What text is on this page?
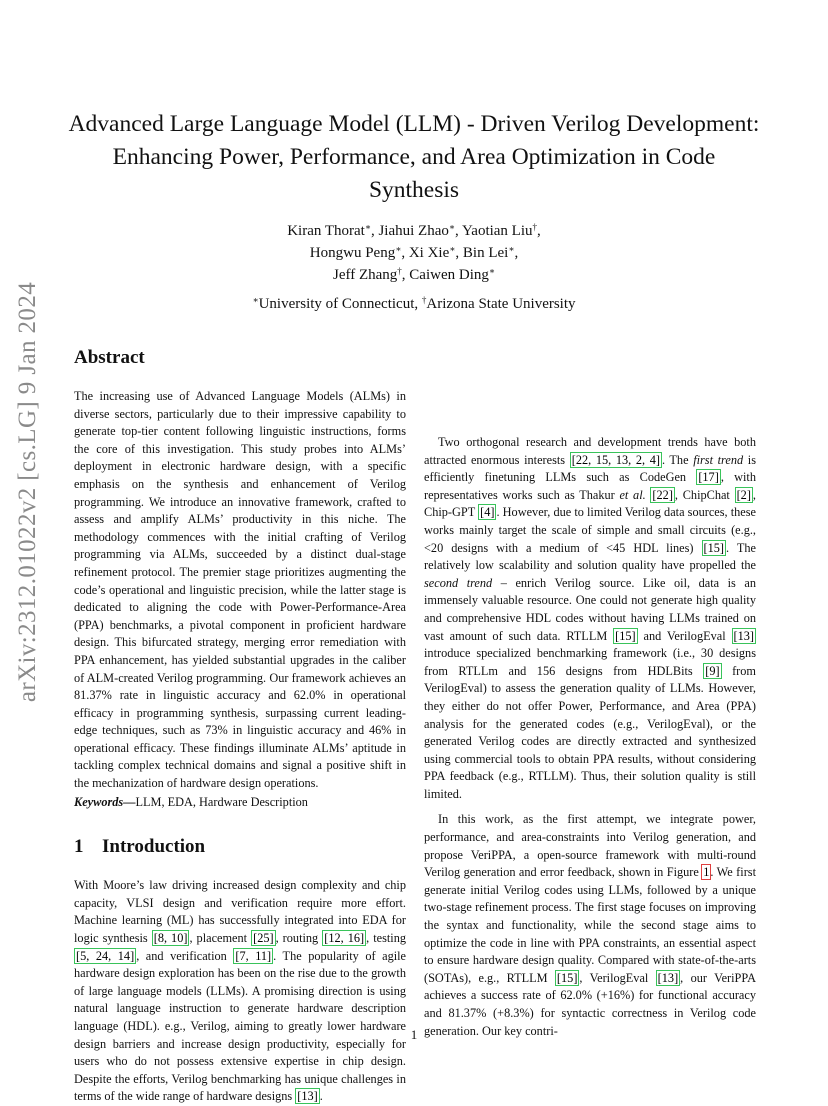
arXiv:2312.01022v2 [cs.LG] 9 Jan 2024
Advanced Large Language Model (LLM) - Driven Verilog Development:
Enhancing Power, Performance, and Area Optimization in Code
Synthesis
Kiran Thorat∗, Jiahui Zhao∗, Yaotian Liu†,
Hongwu Peng∗, Xi Xie∗, Bin Lei∗,
Jeff Zhang†, Caiwen Ding∗
∗University of Connecticut, †Arizona State University
Abstract

The increasing use of Advanced Language Models (ALMs) in diverse sectors, particularly due to their impressive capability to generate top-tier content following linguistic instructions, forms the core of this investigation. This study probes into ALMs’ deployment in electronic hardware design, with a specific emphasis on the synthesis and enhancement of Verilog programming. We introduce an innovative framework, crafted to assess and amplify ALMs’ productivity in this niche. The methodology commences with the initial crafting of Verilog programming via ALMs, succeeded by a distinct dual-stage refinement protocol. The premier stage prioritizes augmenting the code’s operational and linguistic precision, while the latter stage is dedicated to aligning the code with Power-Performance-Area (PPA) benchmarks, a pivotal component in proficient hardware design. This bifurcated strategy, merging error remediation with PPA enhancement, has yielded substantial upgrades in the caliber of ALM-created Verilog programming. Our framework achieves an 81.37% rate in linguistic accuracy and 62.0% in operational efficacy in programming synthesis, surpassing current leading-edge techniques, such as 73% in linguistic accuracy and 46% in operational efficacy. These findings illuminate ALMs’ aptitude in tackling complex technical domains and signal a positive shift in the mechanization of hardware design operations.

Keywords—LLM, EDA, Hardware Description

1 Introduction

With Moore’s law driving increased design complexity and chip capacity, VLSI design and verification require more effort. Machine learning (ML) has successfully integrated into EDA for logic synthesis [8, 10] , placement [25] , routing [12, 16] , testing [5, 24, 14] , and verification [7, 11] . The popularity of agile hardware design exploration has been on the rise due to the growth of large language models (LLMs). A promising direction is using natural language instruction to generate hardware description language (HDL). e.g., Verilog, aiming to greatly lower hardware design barriers and increase design productivity, especially for users who do not possess extensive expertise in chip design. Despite the efforts, Verilog benchmarking has unique challenges in terms of the wide range of hardware designs [13] .

Two orthogonal research and development trends have both attracted enormous interests [22, 15, 13, 2, 4] . The first trend is efficiently finetuning LLMs such as CodeGen [17] , with representatives works such as Thakur et al. [22] , ChipChat [2] , Chip-GPT [4] . However, due to limited Verilog data sources, these works mainly target the scale of simple and small circuits (e.g., <20 designs with a medium of <45 HDL lines) [15] . The relatively low scalability and solution quality have propelled the second trend – enrich Verilog source. Like oil, data is an immensely valuable resource. One could not generate high quality and comprehensive HDL codes without having LLMs trained on vast amount of such data. RTLLM [15] and VerilogEval [13] introduce specialized benchmarking framework (i.e., 30 designs from RTLLm and 156 designs from HDLBits [9] from VerilogEval) to assess the generation quality of LLMs. However, they either do not offer Power, Performance, and Area (PPA) analysis for the generated codes (e.g., VerilogEval), or the generated Verilog codes are directly extracted and synthesized using commercial tools to obtain PPA results, without considering PPA feedback (e.g., RTLLM). Thus, their solution quality is still limited.

In this work, as the first attempt, we integrate power, performance, and area-constraints into Verilog generation, and propose VeriPPA, a open-source framework with multi-round Verilog generation and error feedback, shown in Figure 1. We first generate initial Verilog codes using LLMs, followed by a unique two-stage refinement process. The first stage focuses on improving the syntax and functionality, while the second stage aims to optimize the code in line with PPA constraints, an essential aspect to ensure hardware design quality. Compared with state-of-the-arts (SOTAs), e.g., RTLLM [15] , VerilogEval [13] , our VeriPPA achieves a success rate of 62.0% (+16%) for functional accuracy and 81.37% (+8.3%) for syntactic correctness in Verilog code generation. Our key contri-

1
